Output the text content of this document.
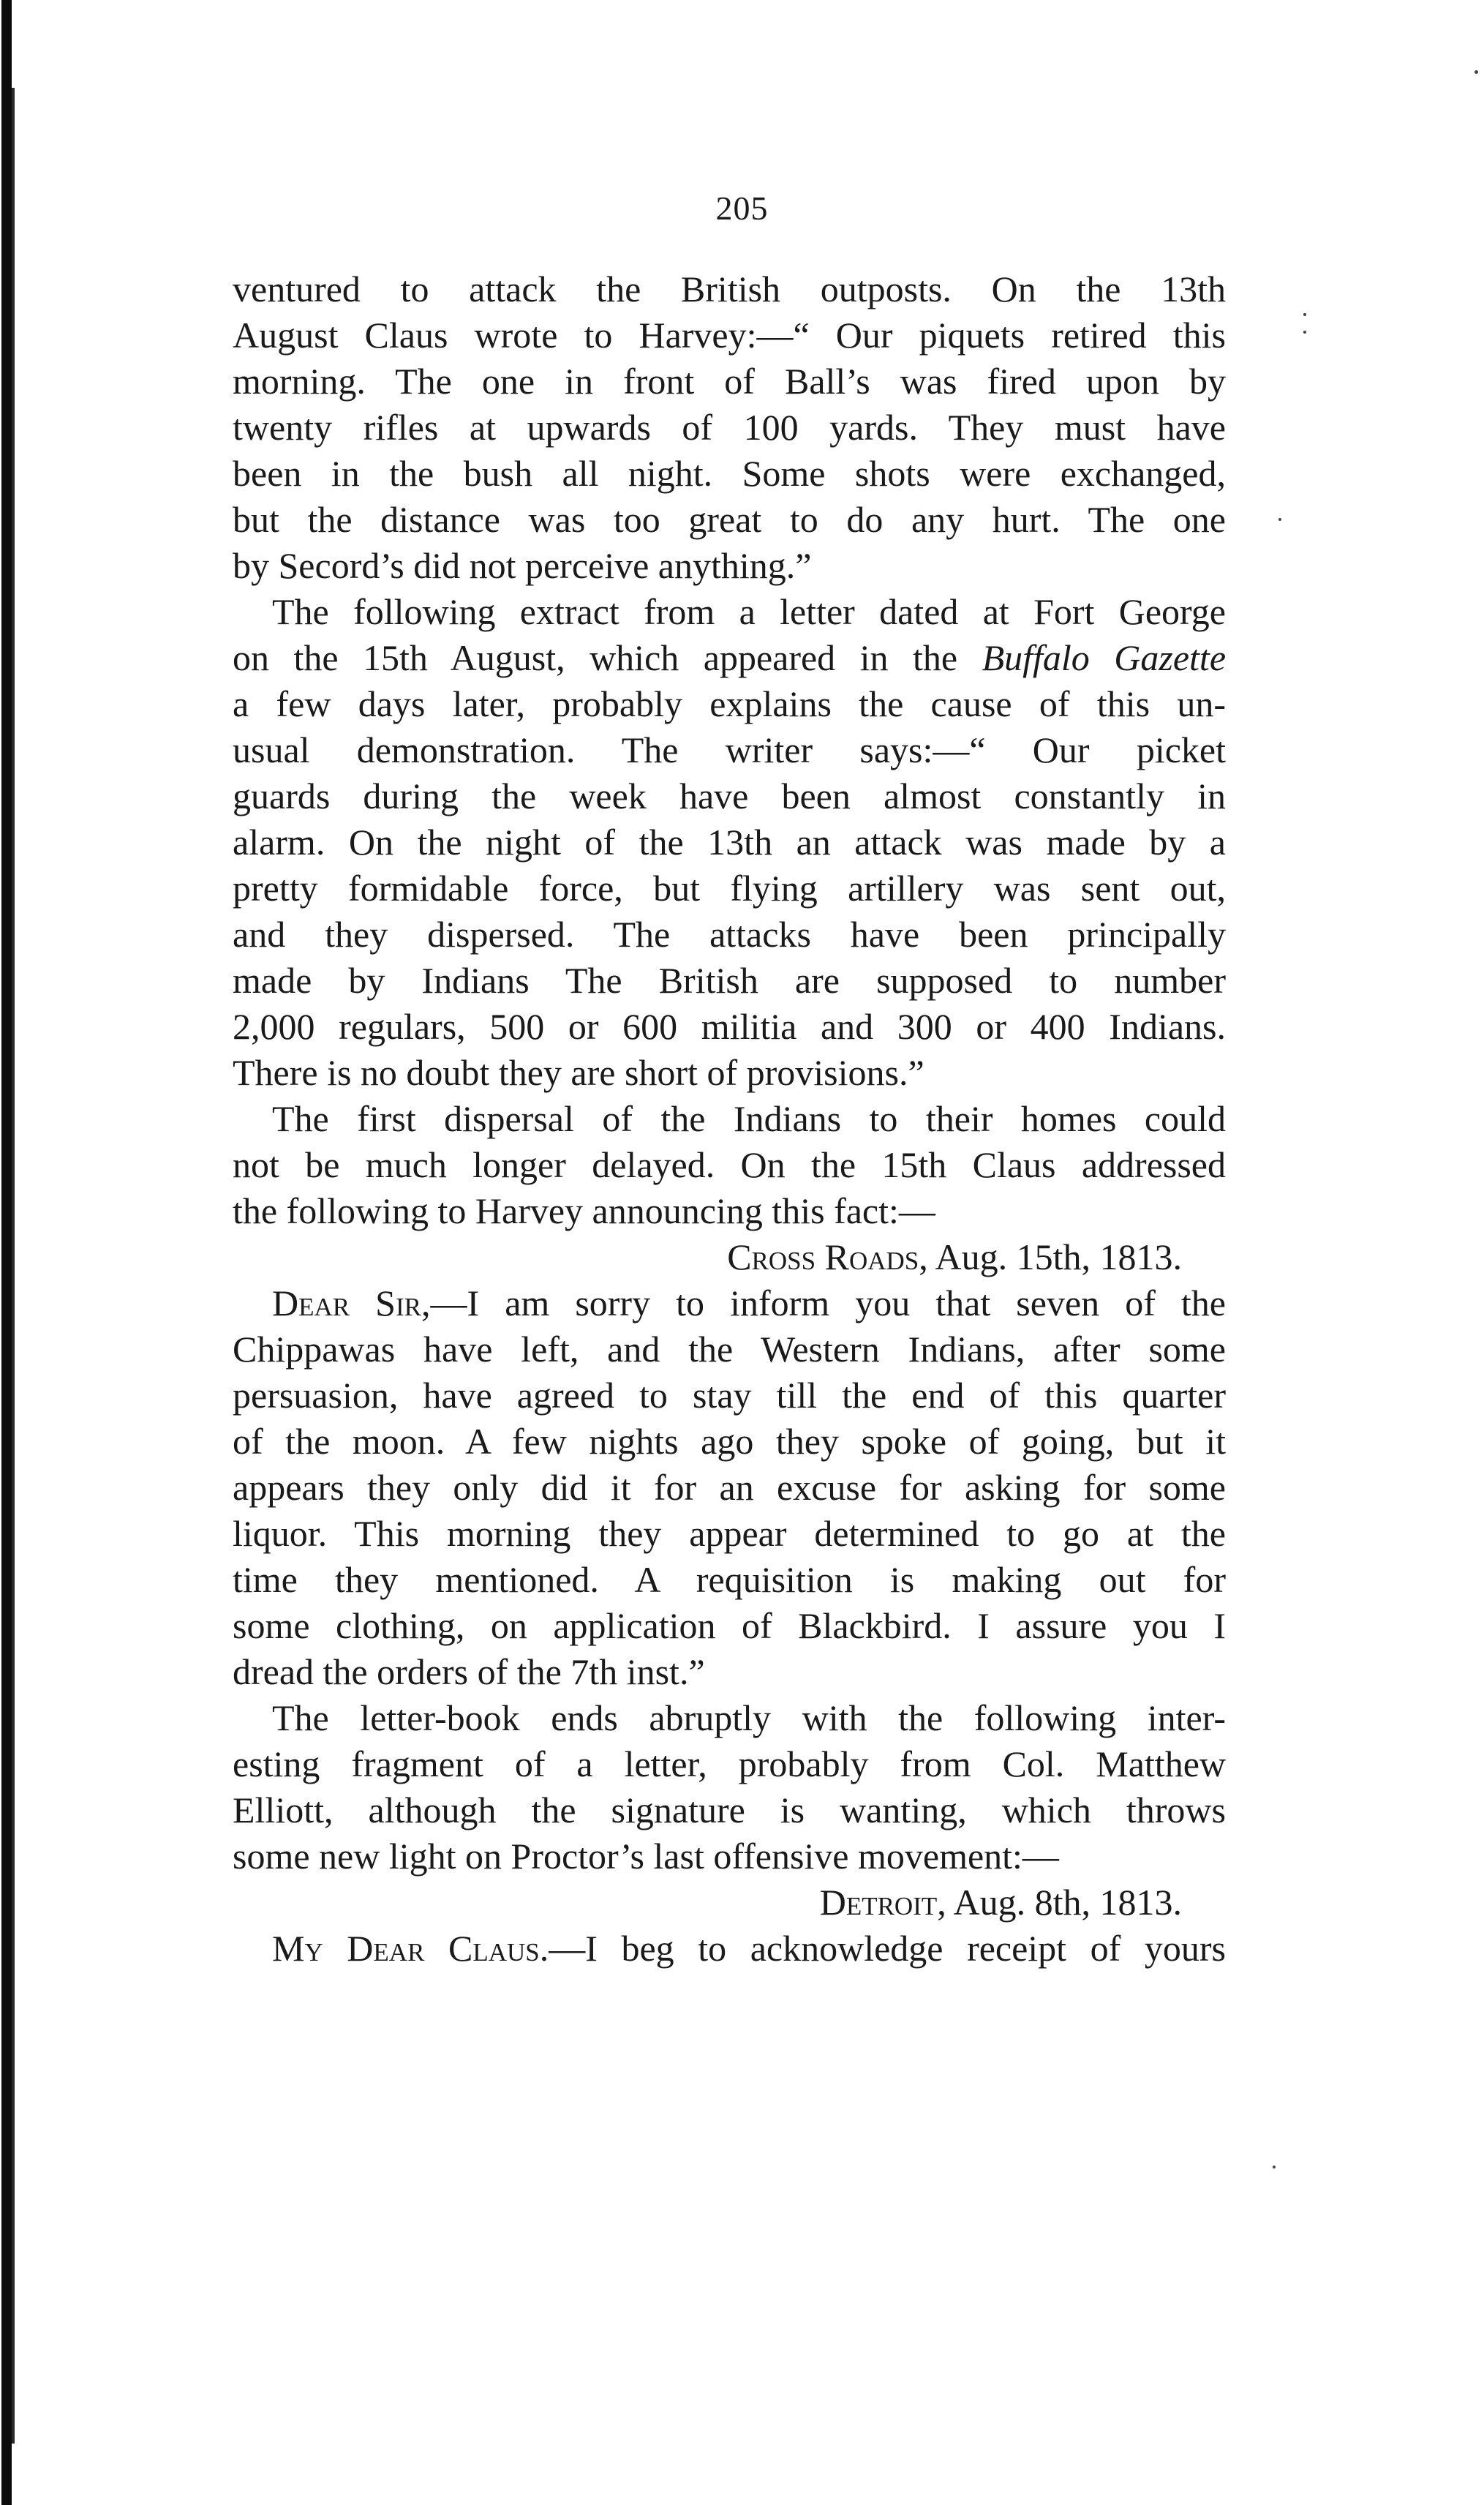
205
ventured to attack the British outposts. On the 13th
August Claus wrote to Harvey:—“ Our piquets retired this
morning. The one in front of Ball’s was fired upon by
twenty rifles at upwards of 100 yards. They must have
been in the bush all night. Some shots were exchanged,
but the distance was too great to do any hurt. The one
by Secord’s did not perceive anything.”
The following extract from a letter dated at Fort George
on the 15th August, which appeared in the Buffalo Gazette
a few days later, probably explains the cause of this un-
usual demonstration. The writer says:—“ Our picket
guards during the week have been almost constantly in
alarm. On the night of the 13th an attack was made by a
pretty formidable force, but flying artillery was sent out,
and they dispersed. The attacks have been principally
made by Indians The British are supposed to number
2,000 regulars, 500 or 600 militia and 300 or 400 Indians.
There is no doubt they are short of provisions.”
The first dispersal of the Indians to their homes could
not be much longer delayed. On the 15th Claus addressed
the following to Harvey announcing this fact:—
Cross Roads, Aug. 15th, 1813.
Dear Sir,—I am sorry to inform you that seven of the
Chippawas have left, and the Western Indians, after some
persuasion, have agreed to stay till the end of this quarter
of the moon. A few nights ago they spoke of going, but it
appears they only did it for an excuse for asking for some
liquor. This morning they appear determined to go at the
time they mentioned. A requisition is making out for
some clothing, on application of Blackbird. I assure you I
dread the orders of the 7th inst.”
The letter-book ends abruptly with the following inter-
esting fragment of a letter, probably from Col. Matthew
Elliott, although the signature is wanting, which throws
some new light on Proctor’s last offensive movement:—
Detroit, Aug. 8th, 1813.
My Dear Claus.—I beg to acknowledge receipt of yours
